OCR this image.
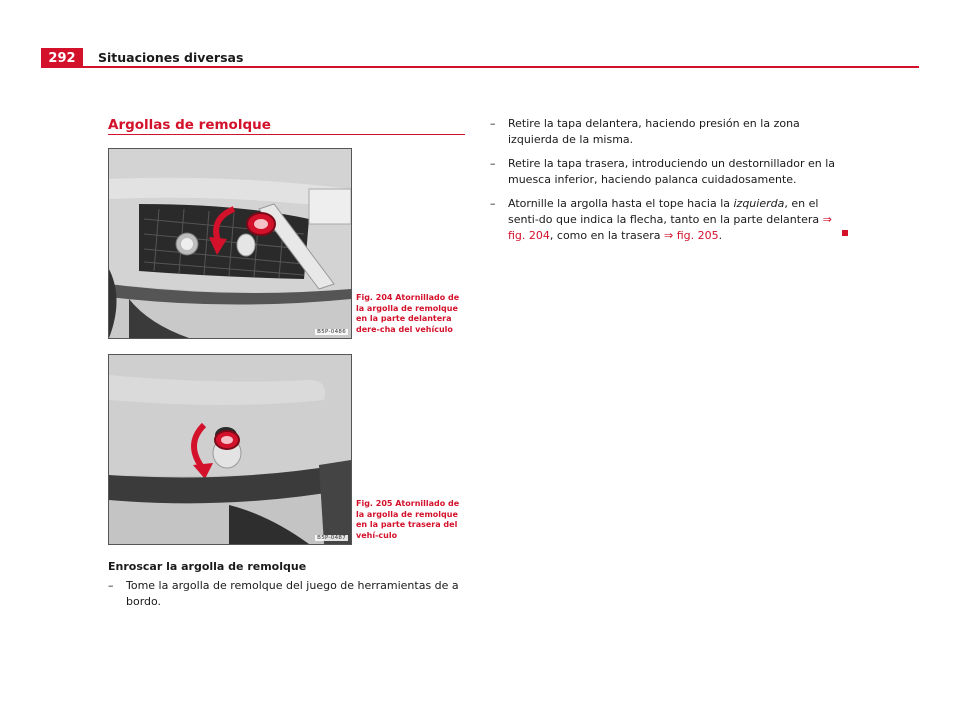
292	Situaciones diversas
Argollas de remolque
B5P-0486
Fig. 204 Atornillado de la argolla de remolque en la parte delantera dere-cha del vehículo
B5P-0487
Fig. 205 Atornillado de la argolla de remolque en la parte trasera del vehí-culo
Enroscar la argolla de remolque
– Tome la argolla de remolque del juego de herramientas de a bordo.
– Retire la tapa delantera, haciendo presión en la zona izquierda de la misma.
– Retire la tapa trasera, introduciendo un destornillador en la muesca inferior, haciendo palanca cuidadosamente.
– Atornille la argolla hasta el tope hacia la izquierda, en el senti-do que indica la flecha, tanto en la parte delantera ⇒ fig. 204, como en la trasera ⇒ fig. 205.
